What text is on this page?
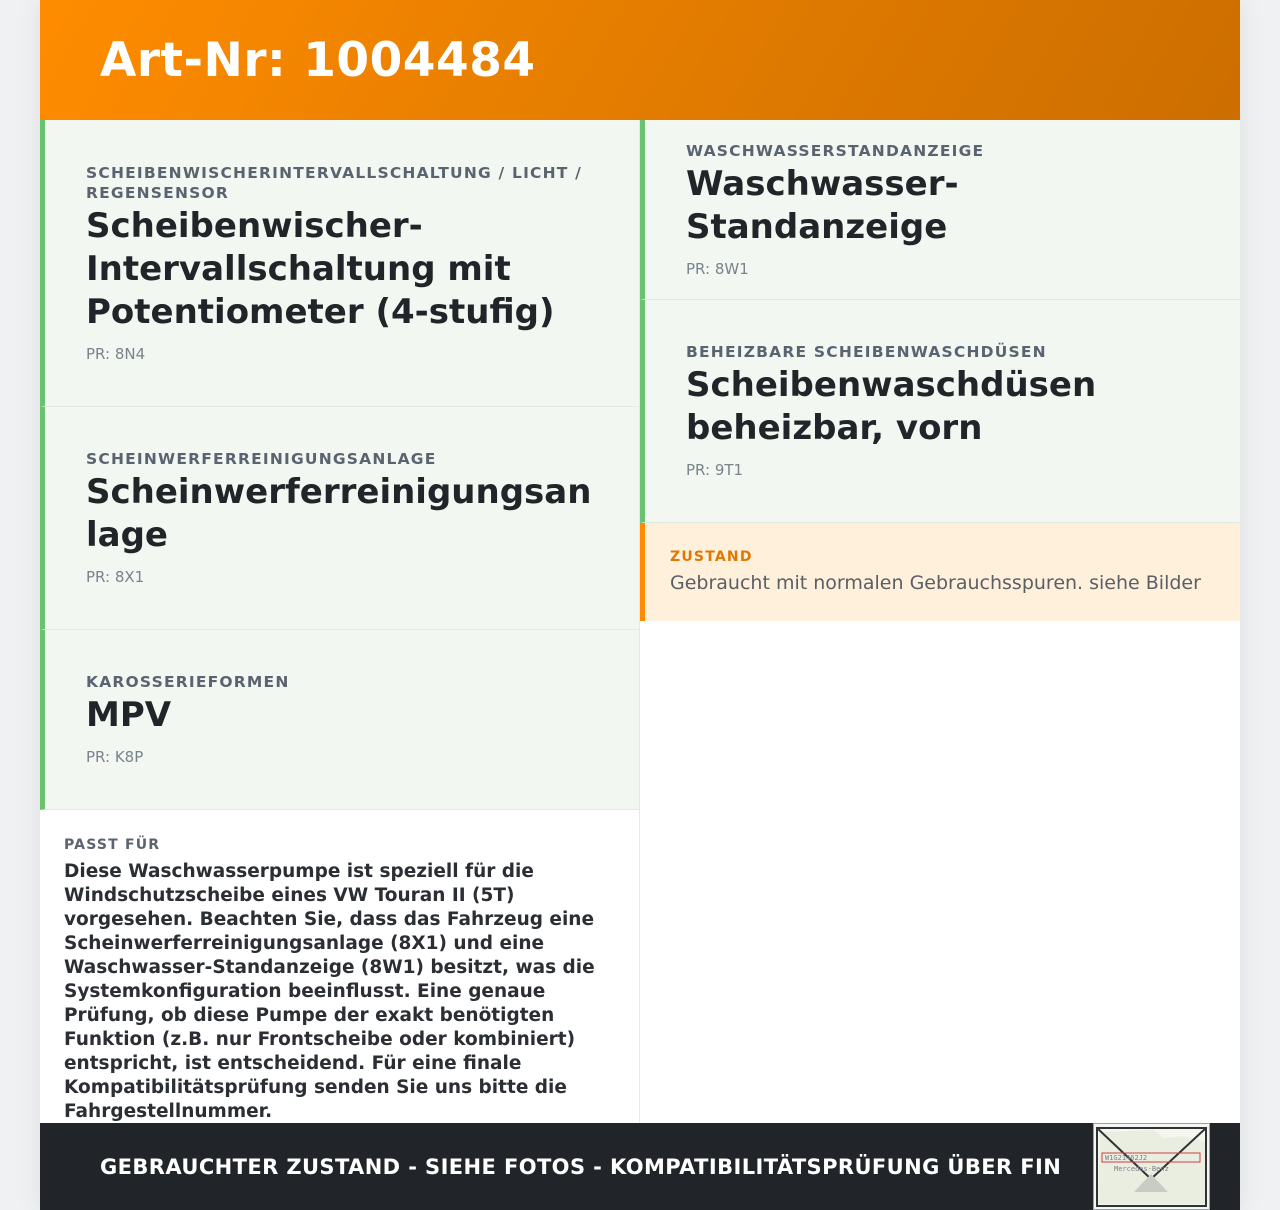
Art-Nr: 1004484
SCHEIBENWISCHERINTERVALLSCHALTUNG / LICHT / REGENSENSOR
Scheibenwischer-Intervallschaltung mit Potentiometer (4-stufig)
PR: 8N4
SCHEINWERFERREINIGUNGSANLAGE
Scheinwerferreinigungsanlage
PR: 8X1
KAROSSERIEFORMEN
MPV
PR: K8P
PASST FÜR
Diese Waschwasserpumpe ist speziell für die Windschutzscheibe eines VW Touran II (5T) vorgesehen. Beachten Sie, dass das Fahrzeug eine Scheinwerferreinigungsanlage (8X1) und eine Waschwasser-Standanzeige (8W1) besitzt, was die Systemkonfiguration beeinflusst. Eine genaue Prüfung, ob diese Pumpe der exakt benötigten Funktion (z.B. nur Frontscheibe oder kombiniert) entspricht, ist entscheidend. Für eine finale Kompatibilitätsprüfung senden Sie uns bitte die Fahrgestellnummer.
WASCHWASSERSTANDANZEIGE
Waschwasser-Standanzeige
PR: 8W1
BEHEIZBARE SCHEIBENWASCHDÜSEN
Scheibenwaschdüsen beheizbar, vorn
PR: 9T1
ZUSTAND
Gebraucht mit normalen Gebrauchsspuren. siehe Bilder
GEBRAUCHTER ZUSTAND - SIEHE FOTOS - KOMPATIBILITÄTSPRÜFUNG ÜBER FIN	W1G21462J2
Mercedes-Benz
